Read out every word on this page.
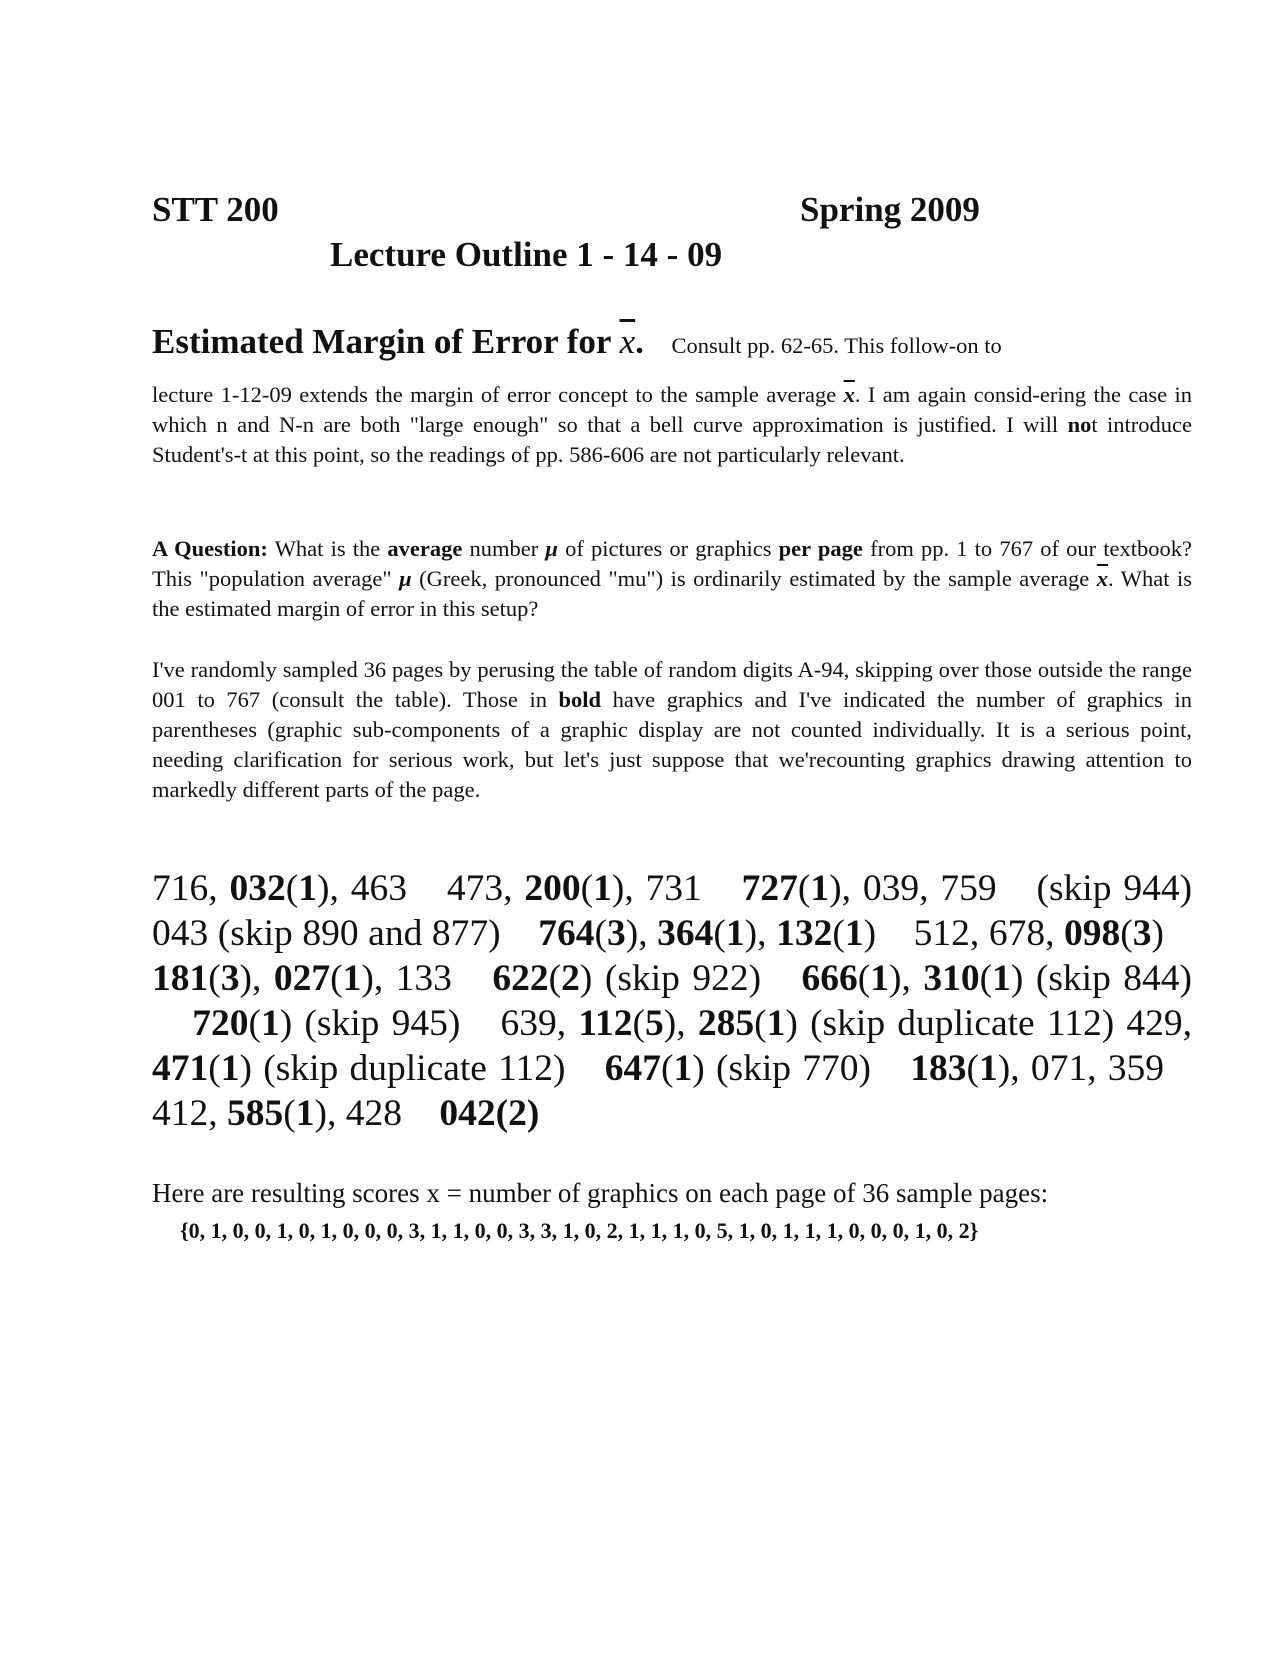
STT 200	Spring 2009
Lecture Outline 1 - 14 - 09
Estimated Margin of Error for $\overline{x}$. Consult pp. 62-65. This follow-on to
lecture 1-12-09 extends the margin of error concept to the sample average $\overline{x}$. I am again consid-ering the case in which n and N-n are both "large enough" so that a bell curve approximation is justified. I will not introduce Student's-t at this point, so the readings of pp. 586-606 are not particularly relevant.
A Question: What is the average number μ of pictures or graphics per page from pp. 1 to 767 of our textbook? This "population average" μ (Greek, pronounced "mu") is ordinarily estimated by the sample average $\overline{x}$. What is the estimated margin of error in this setup?
I've randomly sampled 36 pages by perusing the table of random digits A-94, skipping over those outside the range 001 to 767 (consult the table). Those in bold have graphics and I've indicated the number of graphics in parentheses (graphic sub-components of a graphic display are not counted individually. It is a serious point, needing clarification for serious work, but let's just suppose that we'recounting graphics drawing attention to markedly different parts of the page.
716, 032(1), 463 473, 200(1), 731 727(1), 039, 759 (skip 944) 043 (skip 890 and 877) 764(3), 364(1), 132(1) 512, 678, 098(3) 181(3), 027(1), 133 622(2) (skip 922) 666(1), 310(1) (skip 844) 720(1) (skip 945) 639, 112(5), 285(1) (skip duplicate 112) 429, 471(1) (skip duplicate 112) 647(1) (skip 770) 183(1), 071, 359 412, 585(1), 428 042(2)
Here are resulting scores x = number of graphics on each page of 36 sample pages:
{0, 1, 0, 0, 1, 0, 1, 0, 0, 0, 3, 1, 1, 0, 0, 3, 3, 1, 0, 2, 1, 1, 1, 0, 5, 1, 0, 1, 1, 1, 0, 0, 0, 1, 0, 2}
